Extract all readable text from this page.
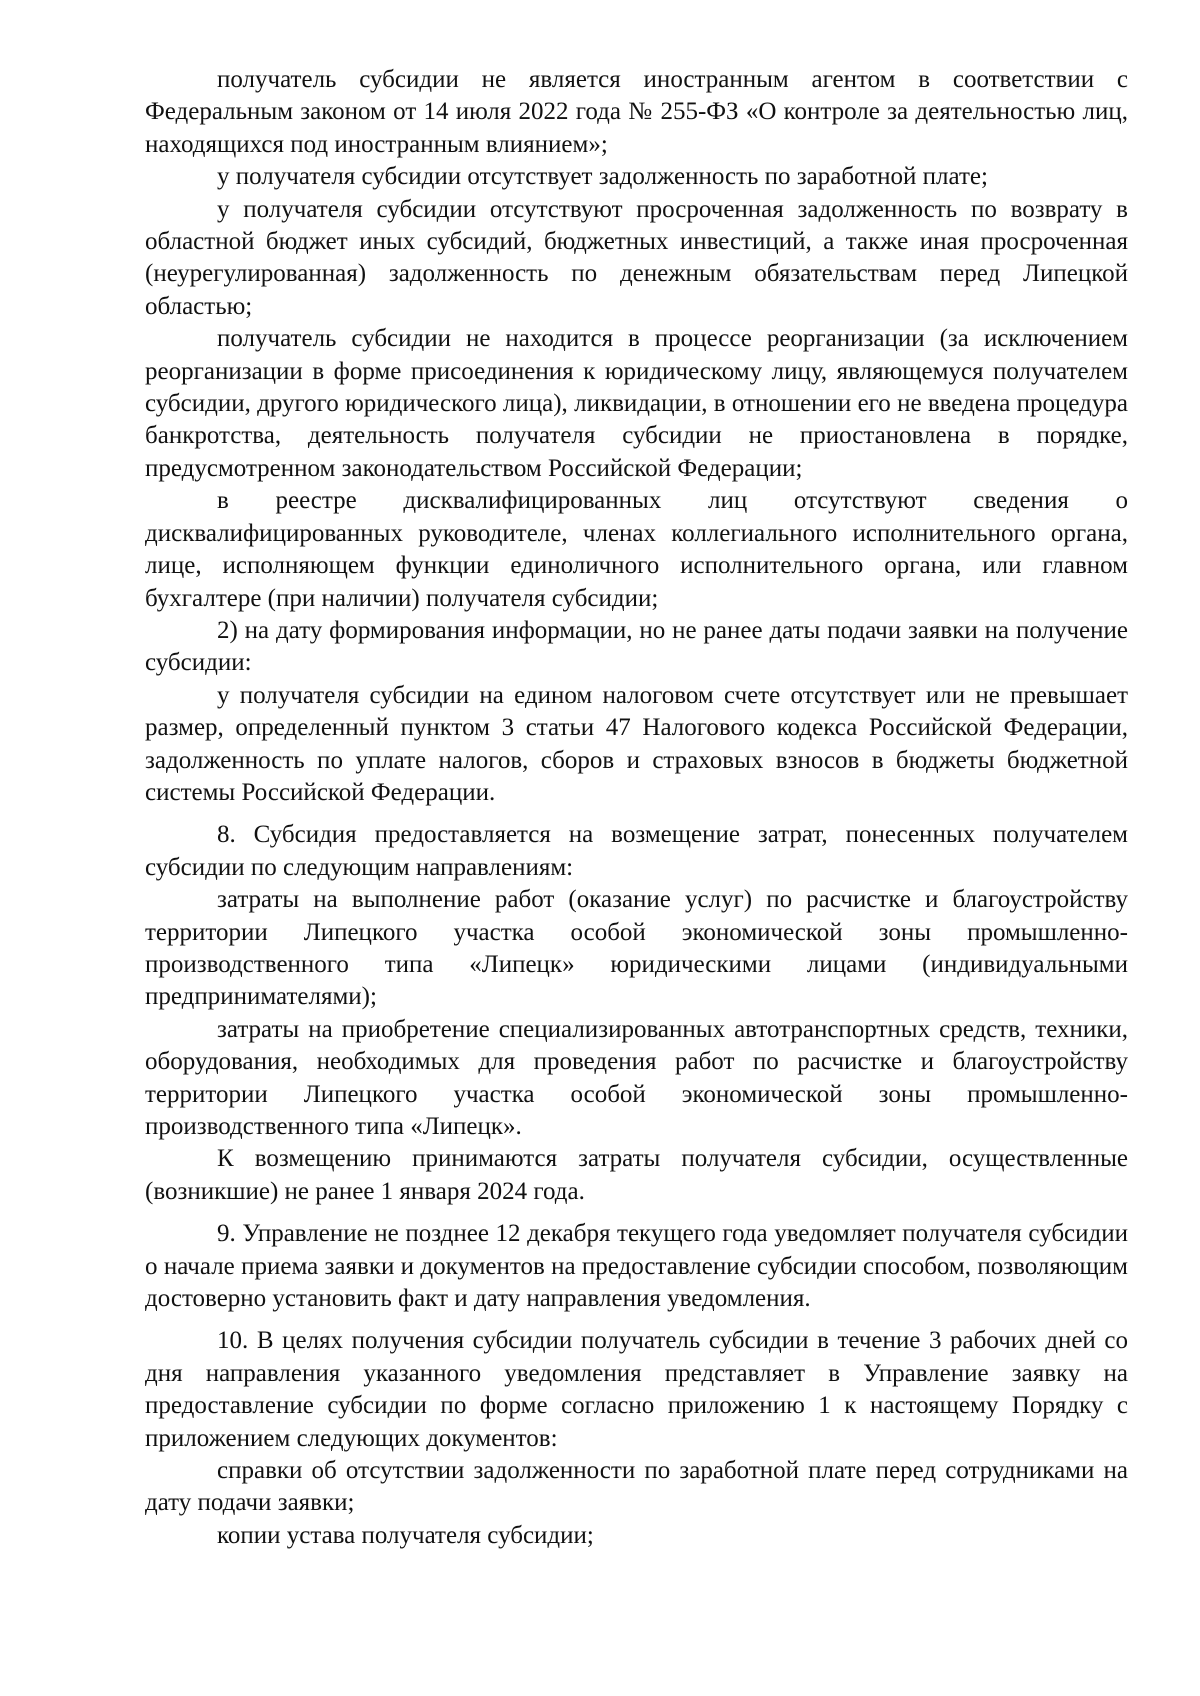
получатель субсидии не является иностранным агентом в соответствии с Федеральным законом от 14 июля 2022 года № 255-ФЗ «О контроле за деятельностью лиц, находящихся под иностранным влиянием»;

у получателя субсидии отсутствует задолженность по заработной плате;

у получателя субсидии отсутствуют просроченная задолженность по возврату в областной бюджет иных субсидий, бюджетных инвестиций, а также иная просроченная (неурегулированная) задолженность по денежным обязательствам перед Липецкой областью;

получатель субсидии не находится в процессе реорганизации (за исключением реорганизации в форме присоединения к юридическому лицу, являющемуся получателем субсидии, другого юридического лица), ликвидации, в отношении его не введена процедура банкротства, деятельность получателя субсидии не приостановлена в порядке, предусмотренном законодательством Российской Федерации;

в реестре дисквалифицированных лиц отсутствуют сведения о дисквалифицированных руководителе, членах коллегиального исполнительного органа, лице, исполняющем функции единоличного исполнительного органа, или главном бухгалтере (при наличии) получателя субсидии;

2) на дату формирования информации, но не ранее даты подачи заявки на получение субсидии:

у получателя субсидии на едином налоговом счете отсутствует или не превышает размер, определенный пунктом 3 статьи 47 Налогового кодекса Российской Федерации, задолженность по уплате налогов, сборов и страховых взносов в бюджеты бюджетной системы Российской Федерации.

8. Субсидия предоставляется на возмещение затрат, понесенных получателем субсидии по следующим направлениям:

затраты на выполнение работ (оказание услуг) по расчистке и благоустройству территории Липецкого участка особой экономической зоны промышленно-производственного типа «Липецк» юридическими лицами (индивидуальными предпринимателями);

затраты на приобретение специализированных автотранспортных средств, техники, оборудования, необходимых для проведения работ по расчистке и благоустройству территории Липецкого участка особой экономической зоны промышленно-производственного типа «Липецк».

К возмещению принимаются затраты получателя субсидии, осуществленные (возникшие) не ранее 1 января 2024 года.

9. Управление не позднее 12 декабря текущего года уведомляет получателя субсидии о начале приема заявки и документов на предоставление субсидии способом, позволяющим достоверно установить факт и дату направления уведомления.

10. В целях получения субсидии получатель субсидии в течение 3 рабочих дней со дня направления указанного уведомления представляет в Управление заявку на предоставление субсидии по форме согласно приложению 1 к настоящему Порядку с приложением следующих документов:

справки об отсутствии задолженности по заработной плате перед сотрудниками на дату подачи заявки;

копии устава получателя субсидии;
